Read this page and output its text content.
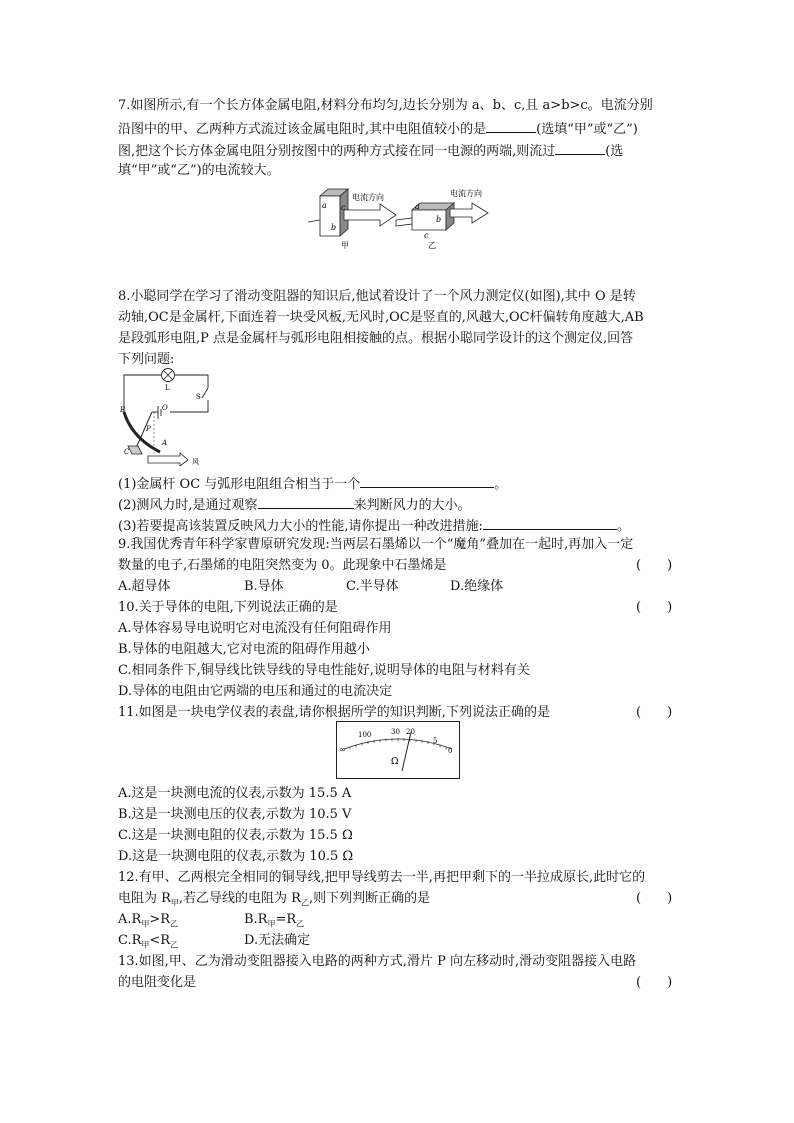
7.如图所示,有一个长方体金属电阻,材料分布均匀,边长分别为 a、b、c,且 a>b>c。电流分别
沿图中的甲、乙两种方式流过该金属电阻时,其中电阻值较小的是	(选填“甲”或“乙”)
图,把这个长方体金属电阻分别按图中的两种方式接在同一电源的两端,则流过	(选
填“甲”或“乙”)的电流较大。
a c
b
电流方向
甲
a
b
c
电流方向
乙
8.小聪同学在学习了滑动变阻器的知识后,他试着设计了一个风力测定仪(如图),其中 O 是转
动轴,OC是金属杆,下面连着一块受风板,无风时,OC是竖直的,风越大,OC杆偏转角度越大,AB
是段弧形电阻,P 点是金属杆与弧形电阻相接触的点。根据小聪同学设计的这个测定仪,回答
下列问题:
L
S
B	O
P
A
C
风
(1)金属杆 OC 与弧形电阻组合相当于一个	。
(2)测风力时,是通过观察	来判断风力的大小。
(3)若要提高该装置反映风力大小的性能,请你提出一种改进措施:	。
9.我国优秀青年科学家曹原研究发现:当两层石墨烯以一个“魔角”叠加在一起时,再加入一定
数量的电子,石墨烯的电阻突然变为 0。此现象中石墨烯是	(　　)
A.超导体	B.导体	C.半导体	D.绝缘体
10.关于导体的电阻,下列说法正确的是	(　　)
A.导体容易导电说明它对电流没有任何阻碍作用
B.导体的电阻越大,它对电流的阻碍作用越小
C.相同条件下,铜导线比铁导线的导电性能好,说明导体的电阻与材料有关
D.导体的电阻由它两端的电压和通过的电流决定
11.如图是一块电学仪表的表盘,请你根据所学的知识判断,下列说法正确的是	(　　)
∞
100	30 20
5
0
Ω
A.这是一块测电流的仪表,示数为 15.5 A
B.这是一块测电压的仪表,示数为 10.5 V
C.这是一块测电阻的仪表,示数为 15.5 Ω
D.这是一块测电阻的仪表,示数为 10.5 Ω
12.有甲、乙两根完全相同的铜导线,把甲导线剪去一半,再把甲剩下的一半拉成原长,此时它的
电阻为 $R_甲$,若乙导线的电阻为 $R_乙$,则下列判断正确的是	(　　)
$A.R_甲>R_乙$	$B.R_甲=R_乙$
$C.R_甲<R_乙$	D.无法确定
13.如图,甲、乙为滑动变阻器接入电路的两种方式,滑片 P 向左移动时,滑动变阻器接入电路
的电阻变化是	(　　)
